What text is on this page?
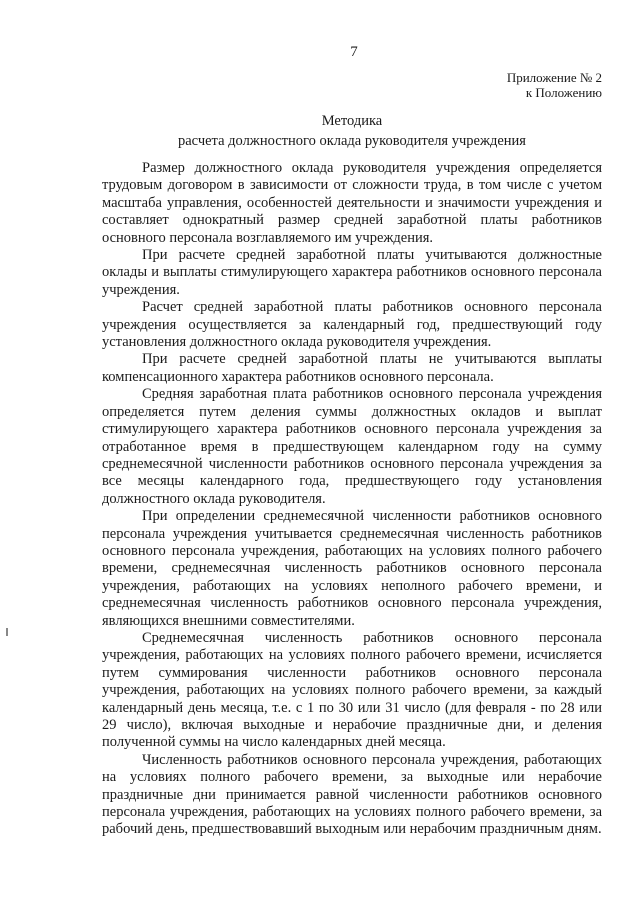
7
Приложение № 2
к Положению
Методика
расчета должностного оклада руководителя учреждения

Размер должностного оклада руководителя учреждения определяется трудовым договором в зависимости от сложности труда, в том числе с учетом масштаба управления, особенностей деятельности и значимости учреждения и составляет однократный размер средней заработной платы работников основного персонала возглавляемого им учреждения.

При расчете средней заработной платы учитываются должностные оклады и выплаты стимулирующего характера работников основного персонала учреждения.

Расчет средней заработной платы работников основного персонала учреждения осуществляется за календарный год, предшествующий году установления должностного оклада руководителя учреждения.

При расчете средней заработной платы не учитываются выплаты компенсационного характера работников основного персонала.

Средняя заработная плата работников основного персонала учреждения определяется путем деления суммы должностных окладов и выплат стимулирующего характера работников основного персонала учреждения за отработанное время в предшествующем календарном году на сумму среднемесячной численности работников основного персонала учреждения за все месяцы календарного года, предшествующего году установления должностного оклада руководителя.

При определении среднемесячной численности работников основного персонала учреждения учитывается среднемесячная численность работников основного персонала учреждения, работающих на условиях полного рабочего времени, среднемесячная численность работников основного персонала учреждения, работающих на условиях неполного рабочего времени, и среднемесячная численность работников основного персонала учреждения, являющихся внешними совместителями.

Среднемесячная численность работников основного персонала учреждения, работающих на условиях полного рабочего времени, исчисляется путем суммирования численности работников основного персонала учреждения, работающих на условиях полного рабочего времени, за каждый календарный день месяца, т.е. с 1 по 30 или 31 число (для февраля - по 28 или 29 число), включая выходные и нерабочие праздничные дни, и деления полученной суммы на число календарных дней месяца.

Численность работников основного персонала учреждения, работающих на условиях полного рабочего времени, за выходные или нерабочие праздничные дни принимается равной численности работников основного персонала учреждения, работающих на условиях полного рабочего времени, за рабочий день, предшествовавший выходным или нерабочим праздничным дням.
